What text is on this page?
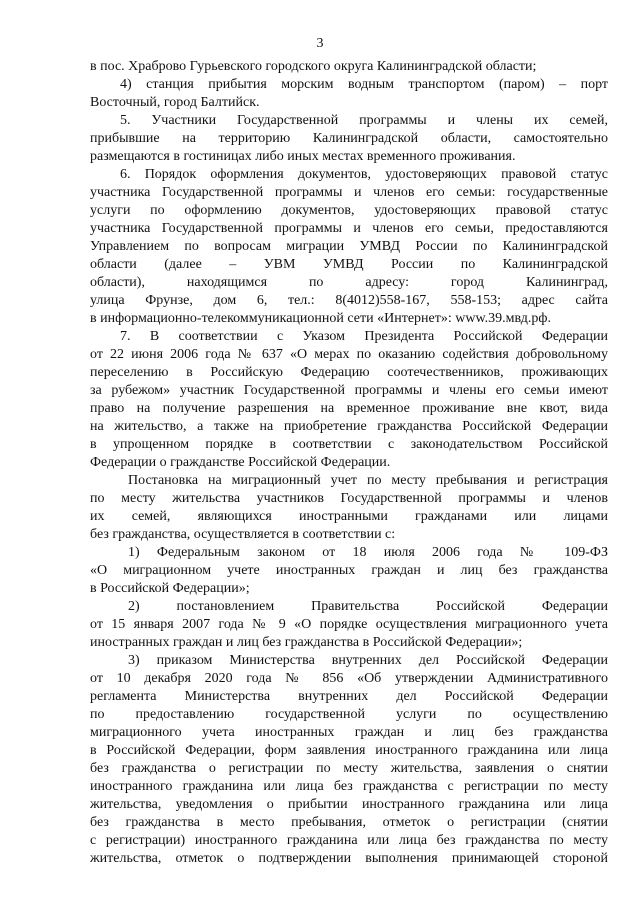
3
в пос. Храброво Гурьевского городского округа Калининградской области;
4) станция прибытия морским водным транспортом (паром) – порт
Восточный, город Балтийск.
5. Участники Государственной программы и члены их семей,
прибывшие на территорию Калининградской области, самостоятельно
размещаются в гостиницах либо иных местах временного проживания.
6. Порядок оформления документов, удостоверяющих правовой статус
участника Государственной программы и членов его семьи: государственные
услуги по оформлению документов, удостоверяющих правовой статус
участника Государственной программы и членов его семьи, предоставляются
Управлением по вопросам миграции УМВД России по Калининградской
области (далее – УВМ УМВД России по Калининградской
области), находящимся по адресу: город Калининград,
улица Фрунзе, дом 6, тел.: 8(4012)558-167, 558-153; адрес сайта
в информационно-телекоммуникационной сети «Интернет»: www.39.мвд.рф.
7. В соответствии с Указом Президента Российской Федерации
от 22 июня 2006 года № 637 «О мерах по оказанию содействия добровольному
переселению в Российскую Федерацию соотечественников, проживающих
за рубежом» участник Государственной программы и члены его семьи имеют
право на получение разрешения на временное проживание вне квот, вида
на жительство, а также на приобретение гражданства Российской Федерации
в упрощенном порядке в соответствии с законодательством Российской
Федерации о гражданстве Российской Федерации.
Постановка на миграционный учет по месту пребывания и регистрация
по месту жительства участников Государственной программы и членов
их семей, являющихся иностранными гражданами или лицами
без гражданства, осуществляется в соответствии с:
1) Федеральным законом от 18 июля 2006 года № 109-ФЗ
«О миграционном учете иностранных граждан и лиц без гражданства
в Российской Федерации»;
2) постановлением Правительства Российской Федерации
от 15 января 2007 года № 9 «О порядке осуществления миграционного учета
иностранных граждан и лиц без гражданства в Российской Федерации»;
3) приказом Министерства внутренних дел Российской Федерации
от 10 декабря 2020 года № 856 «Об утверждении Административного
регламента Министерства внутренних дел Российской Федерации
по предоставлению государственной услуги по осуществлению
миграционного учета иностранных граждан и лиц без гражданства
в Российской Федерации, форм заявления иностранного гражданина или лица
без гражданства о регистрации по месту жительства, заявления о снятии
иностранного гражданина или лица без гражданства с регистрации по месту
жительства, уведомления о прибытии иностранного гражданина или лица
без гражданства в место пребывания, отметок о регистрации (снятии
с регистрации) иностранного гражданина или лица без гражданства по месту
жительства, отметок о подтверждении выполнения принимающей стороной
